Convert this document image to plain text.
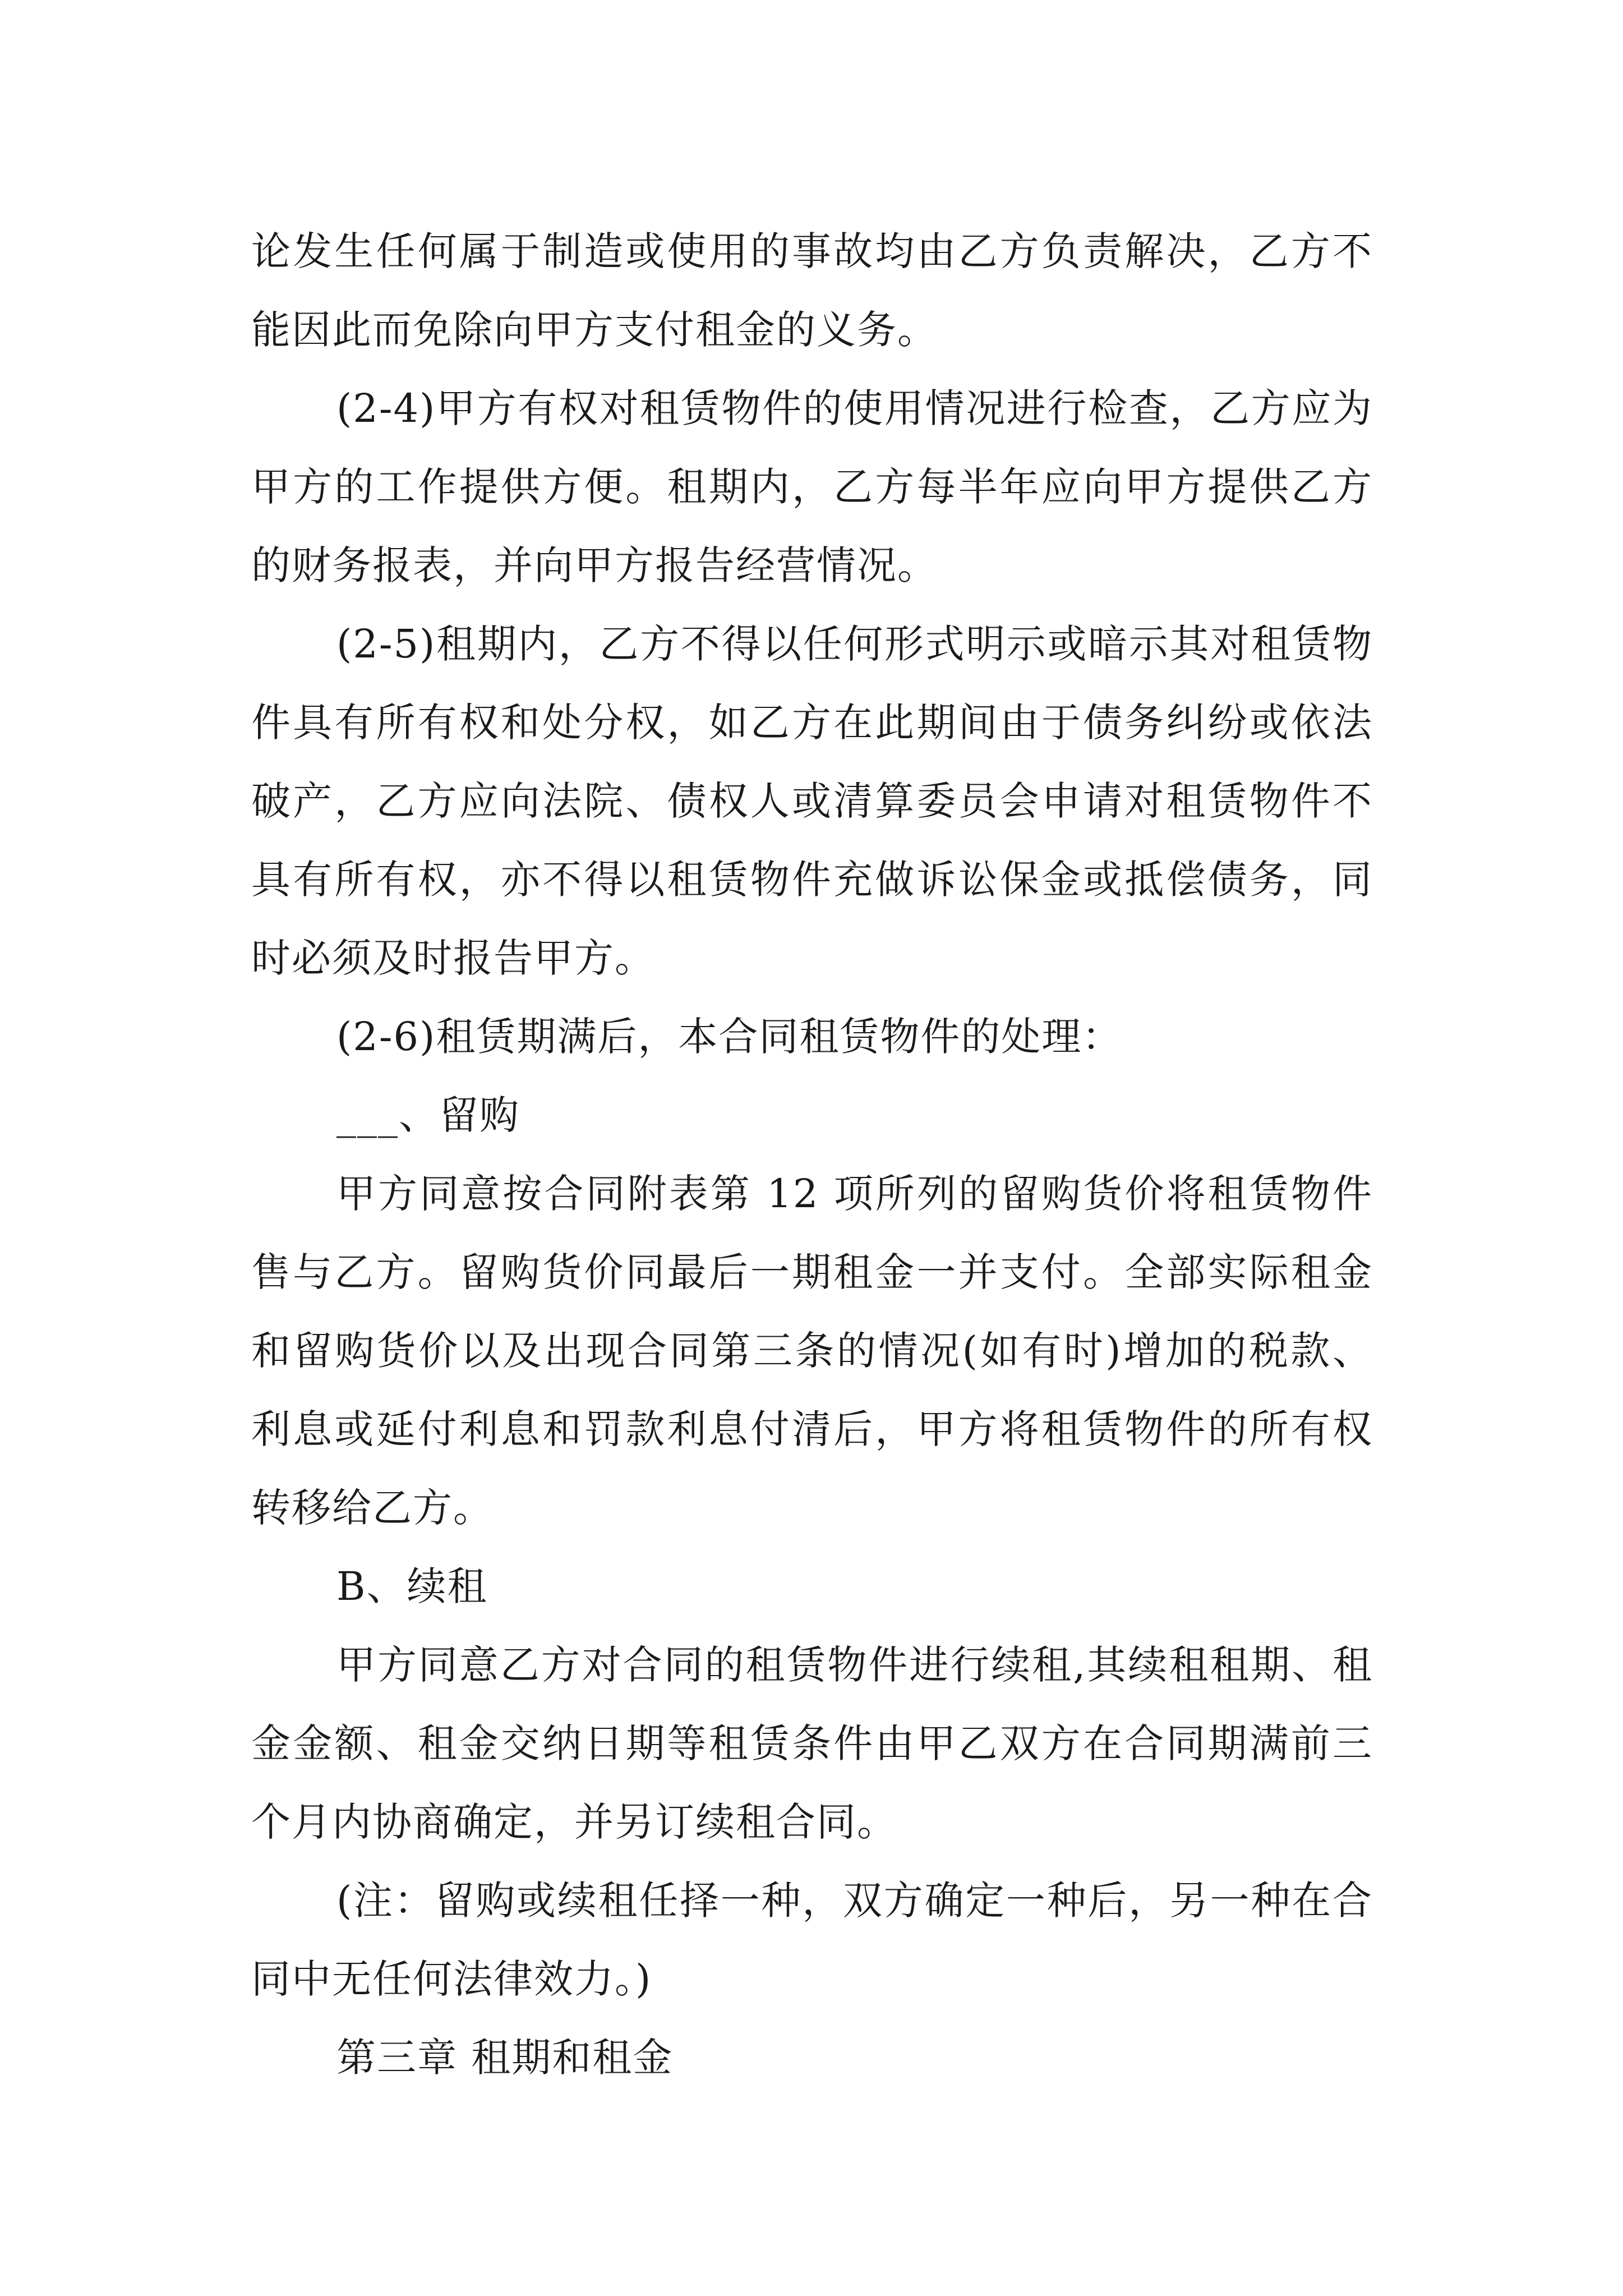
论发生任何属于制造或使用的事故均由乙方负责解决，乙方不能因此而免除向甲方支付租金的义务。

(2-4)甲方有权对租赁物件的使用情况进行检查，乙方应为甲方的工作提供方便。租期内，乙方每半年应向甲方提供乙方的财务报表，并向甲方报告经营情况。

(2-5)租期内，乙方不得以任何形式明示或暗示其对租赁物件具有所有权和处分权，如乙方在此期间由于债务纠纷或依法破产，乙方应向法院、债权人或清算委员会申请对租赁物件不具有所有权，亦不得以租赁物件充做诉讼保金或抵偿债务，同时必须及时报告甲方。

(2-6)租赁期满后，本合同租赁物件的处理：

___、留购

甲方同意按合同附表第 12 项所列的留购货价将租赁物件售与乙方。留购货价同最后一期租金一并支付。全部实际租金和留购货价以及出现合同第三条的情况(如有时)增加的税款、利息或延付利息和罚款利息付清后，甲方将租赁物件的所有权转移给乙方。

B、续租

甲方同意乙方对合同的租赁物件进行续租,其续租租期、租金金额、租金交纳日期等租赁条件由甲乙双方在合同期满前三个月内协商确定，并另订续租合同。

(注：留购或续租任择一种，双方确定一种后，另一种在合同中无任何法律效力。)

第三章 租期和租金
